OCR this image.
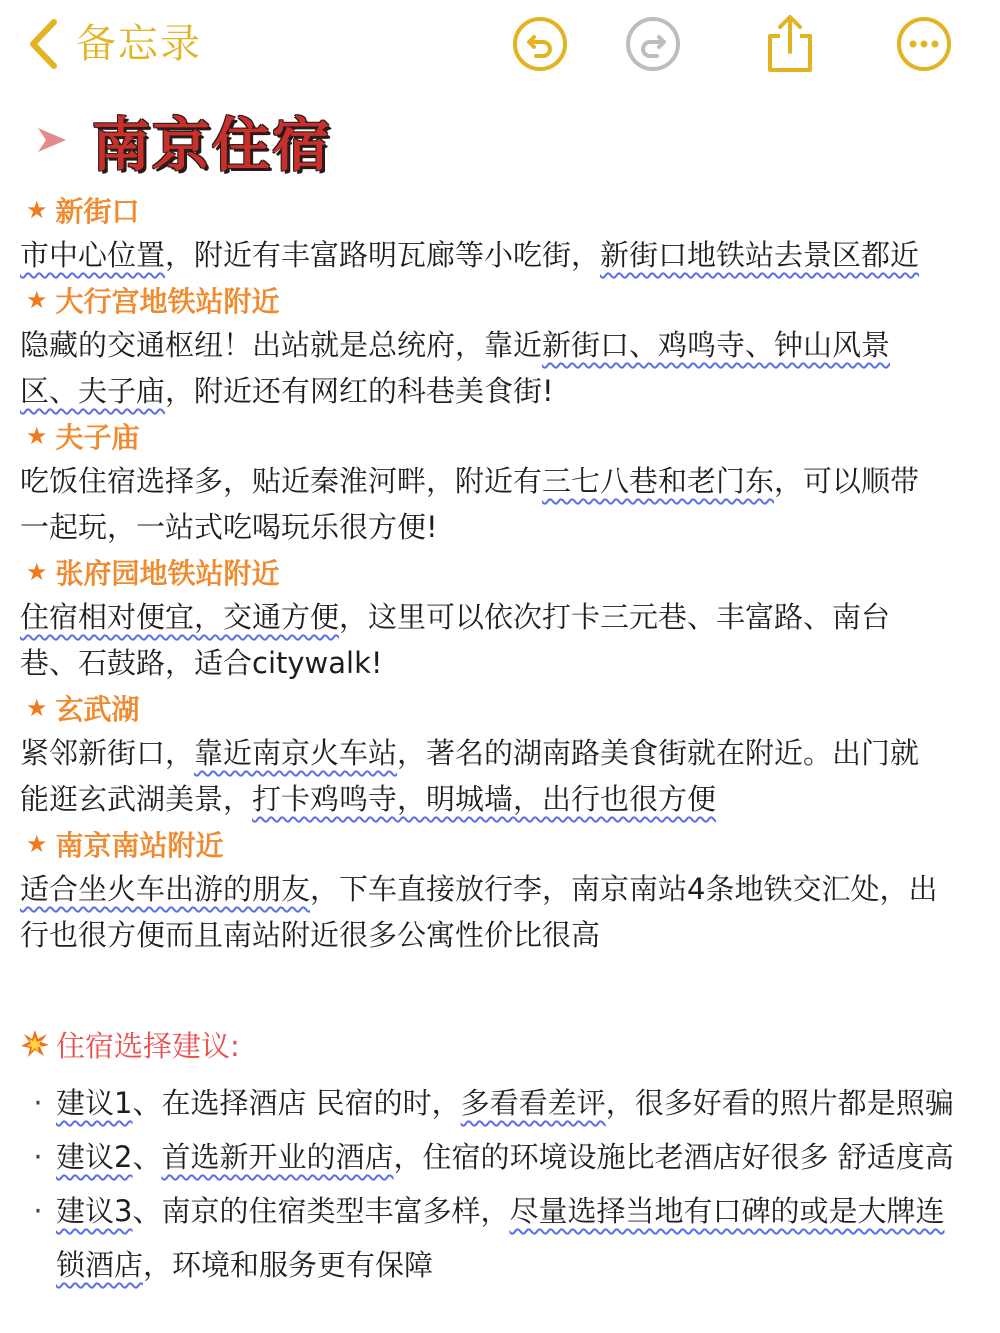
备忘录
南京住宿
★ 新街口

市中心位置，附近有丰富路明瓦廊等小吃街，新街口地铁站去景区都近

★ 大行宫地铁站附近

隐藏的交通枢纽！出站就是总统府，靠近新街口、鸡鸣寺、钟山风景

区、夫子庙，附近还有网红的科巷美食街!

★ 夫子庙

吃饭住宿选择多，贴近秦淮河畔，附近有三七八巷和老门东，可以顺带

一起玩，一站式吃喝玩乐很方便!

★ 张府园地铁站附近

住宿相对便宜，交通方便，这里可以依次打卡三元巷、丰富路、南台

巷、石鼓路，适合citywalk!

★ 玄武湖

紧邻新街口，靠近南京火车站，著名的湖南路美食街就在附近。出门就

能逛玄武湖美景，打卡鸡鸣寺，明城墙，出行也很方便

★ 南京南站附近

适合坐火车出游的朋友，下车直接放行李，南京南站4条地铁交汇处，出

行也很方便而且南站附近很多公寓性价比很高

住宿选择建议:
· 建议1、在选择酒店 民宿的时，多看看差评，很多好看的照片都是照骗

· 建议2、首选新开业的酒店，住宿的环境设施比老酒店好很多 舒适度高

· 建议3、南京的住宿类型丰富多样，尽量选择当地有口碑的或是大牌连

锁酒店，环境和服务更有保障
